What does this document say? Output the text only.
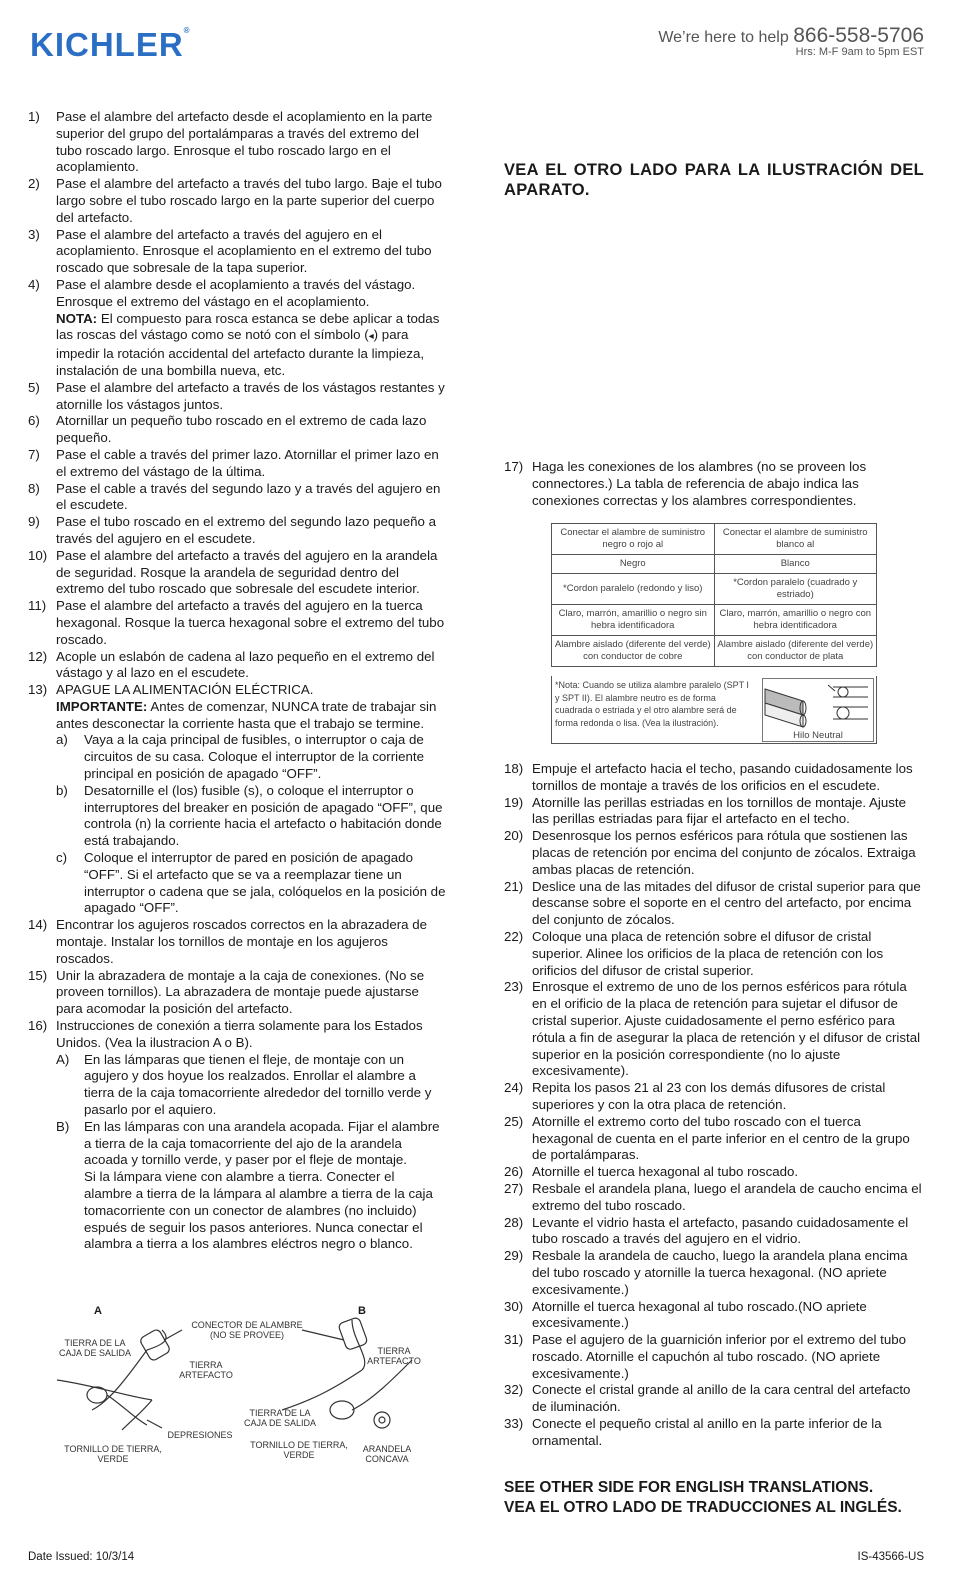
KICHLER®	We’re here to help 866-558-5706
Hrs: M-F 9am to 5pm EST
1)	Pase el alambre del artefacto desde el acoplamiento en la parte superior del grupo del portalámparas a través del extremo del tubo roscado largo. Enrosque el tubo roscado largo en el acoplamiento.
2)	Pase el alambre del artefacto a través del tubo largo. Baje el tubo largo sobre el tubo roscado largo en la parte superior del cuerpo del artefacto.
3)	Pase el alambre del artefacto a través del agujero en el acoplamiento. Enrosque el acoplamiento en el extremo del tubo roscado que sobresale de la tapa superior.
4)	Pase el alambre desde el acoplamiento a través del vástago. Enrosque el extremo del vástago en el acoplamiento.
NOTA: El compuesto para rosca estanca se debe aplicar a todas las roscas del vástago como se notó con el símbolo (◂) para impedir la rotación accidental del artefacto durante la limpieza, instalación de una bombilla nueva, etc.
5)	Pase el alambre del artefacto a través de los vástagos restantes y atornille los vástagos juntos.
6)	Atornillar un pequeño tubo roscado en el extremo de cada lazo pequeño.
7)	Pase el cable a través del primer lazo. Atornillar el primer lazo en el extremo del vástago de la última.
8)	Pase el cable a través del segundo lazo y a través del agujero en el escudete.
9)	Pase el tubo roscado en el extremo del segundo lazo pequeño a través del agujero en el escudete.
10) Pase el alambre del artefacto a través del agujero en la arandela de seguridad. Rosque la arandela de seguridad dentro del extremo del tubo roscado que sobresale del escudete interior.
11) Pase el alambre del artefacto a través del agujero en la tuerca hexagonal. Rosque la tuerca hexagonal sobre el extremo del tubo roscado.
12) Acople un eslabón de cadena al lazo pequeño en el extremo del vástago y al lazo en el escudete.
13) APAGUE LA ALIMENTACIÓN ELÉCTRICA.
IMPORTANTE: Antes de comenzar, NUNCA trate de trabajar sin antes desconectar la corriente hasta que el trabajo se termine.
a)	Vaya a la caja principal de fusibles, o interruptor o caja de circuitos de su casa. Coloque el interruptor de la corriente principal en posición de apagado “OFF”.
b)	Desatornille el (los) fusible (s), o coloque el interruptor o interruptores del breaker en posición de apagado “OFF”, que controla (n) la corriente hacia el artefacto o habitación donde está trabajando.
c)	Coloque el interruptor de pared en posición de apagado “OFF”. Si el artefacto que se va a reemplazar tiene un interruptor o cadena que se jala, colóquelos en la posición de apagado “OFF”.
14) Encontrar los agujeros roscados correctos en la abrazadera de montaje. Instalar los tornillos de montaje en los agujeros roscados.
15) Unir la abrazadera de montaje a la caja de conexiones. (No se proveen tornillos). La abrazadera de montaje puede ajustarse para acomodar la posición del artefacto.
16) Instrucciones de conexión a tierra solamente para los Estados Unidos. (Vea la ilustracion A o B).
A)	En las lámparas que tienen el fleje, de montaje con un agujero y dos hoyue los realzados. Enrollar el alambre a tierra de la caja tomacorriente alrededor del tornillo verde y pasarlo por el aquiero.
B)	En las lámparas con una arandela acopada. Fijar el alambre a tierra de la caja tomacorriente del ajo de la arandela acoada y tornillo verde, y paser por el fleje de montaje.
Si la lámpara viene con alambre a tierra. Conecter el alambre a tierra de la lámpara al alambre a tierra de la caja tomacorriente con un conector de alambres (no incluido) espués de seguir los pasos anteriores. Nunca conectar el alambra a tierra a los alambres eléctros negro o blanco.
A	B
CONECTOR DE ALAMBRE (NO SE PROVEE)
TIERRA DE LA CAJA DE SALIDA
TIERRA ARTEFACTO
DEPRESIONES
TORNILLO DE TIERRA, VERDE
TIERRA ARTEFACTO
TIERRA DE LA CAJA DE SALIDA
TORNILLO DE TIERRA, VERDE
ARANDELA CONCAVA
VEA EL OTRO LADO PARA LA ILUSTRACIÓN DEL APARATO.
17) Haga les conexiones de los alambres (no se proveen los connectores.) La tabla de referencia de abajo indica las conexiones correctas y los alambres correspondientes.
Conectar el alambre de suministro negro o rojo al	Conectar el alambre de suministro blanco al
Negro	Blanco
*Cordon paralelo (redondo y liso)	*Cordon paralelo (cuadrado y estriado)
Claro, marrón, amarillio o negro sin hebra identificadora	Claro, marrón, amarillio o negro con hebra identificadora
Alambre aislado (diferente del verde) con conductor de cobre	Alambre aislado (diferente del verde) con conductor de plata
*Nota: Cuando se utiliza alambre paralelo (SPT I y SPT II). El alambre neutro es de forma cuadrada o estriada y el otro alambre será de forma redonda o lisa. (Vea la ilustración).
Hilo Neutral
18) Empuje el artefacto hacia el techo, pasando cuidadosamente los tornillos de montaje a través de los orificios en el escudete.
19) Atornille las perillas estriadas en los tornillos de montaje. Ajuste las perillas estriadas para fijar el artefacto en el techo.
20) Desenrosque los pernos esféricos para rótula que sostienen las placas de retención por encima del conjunto de zócalos. Extraiga ambas placas de retención.
21) Deslice una de las mitades del difusor de cristal superior para que descanse sobre el soporte en el centro del artefacto, por encima del conjunto de zócalos.
22) Coloque una placa de retención sobre el difusor de cristal superior. Alinee los orificios de la placa de retención con los orificios del difusor de cristal superior.
23) Enrosque el extremo de uno de los pernos esféricos para rótula en el orificio de la placa de retención para sujetar el difusor de cristal superior. Ajuste cuidadosamente el perno esférico para rótula a fin de asegurar la placa de retención y el difusor de cristal superior en la posición correspondiente (no lo ajuste excesivamente).
24) Repita los pasos 21 al 23 con los demás difusores de cristal superiores y con la otra placa de retención.
25) Atornille el extremo corto del tubo roscado con el tuerca hexagonal de cuenta en el parte inferior en el centro de la grupo de portalámparas.
26) Atornille el tuerca hexagonal al tubo roscado.
27) Resbale el arandela plana, luego el arandela de caucho encima el extremo del tubo roscado.
28) Levante el vidrio hasta el artefacto, pasando cuidadosamente el tubo roscado a través del agujero en el vidrio.
29) Resbale la arandela de caucho, luego la arandela plana encima del tubo roscado y atornille la tuerca hexagonal. (NO apriete excesivamente.)
30) Atornille el tuerca hexagonal al tubo roscado.(NO apriete excesivamente.)
31) Pase el agujero de la guarnición inferior por el extremo del tubo roscado. Atornille el capuchón al tubo roscado. (NO apriete excesivamente.)
32) Conecte el cristal grande al anillo de la cara central del artefacto de iluminación.
33) Conecte el pequeño cristal al anillo en la parte inferior de la ornamental.
SEE OTHER SIDE FOR ENGLISH TRANSLATIONS.
VEA EL OTRO LADO DE TRADUCCIONES AL INGLÉS.
Date Issued: 10/3/14	IS-43566-US
